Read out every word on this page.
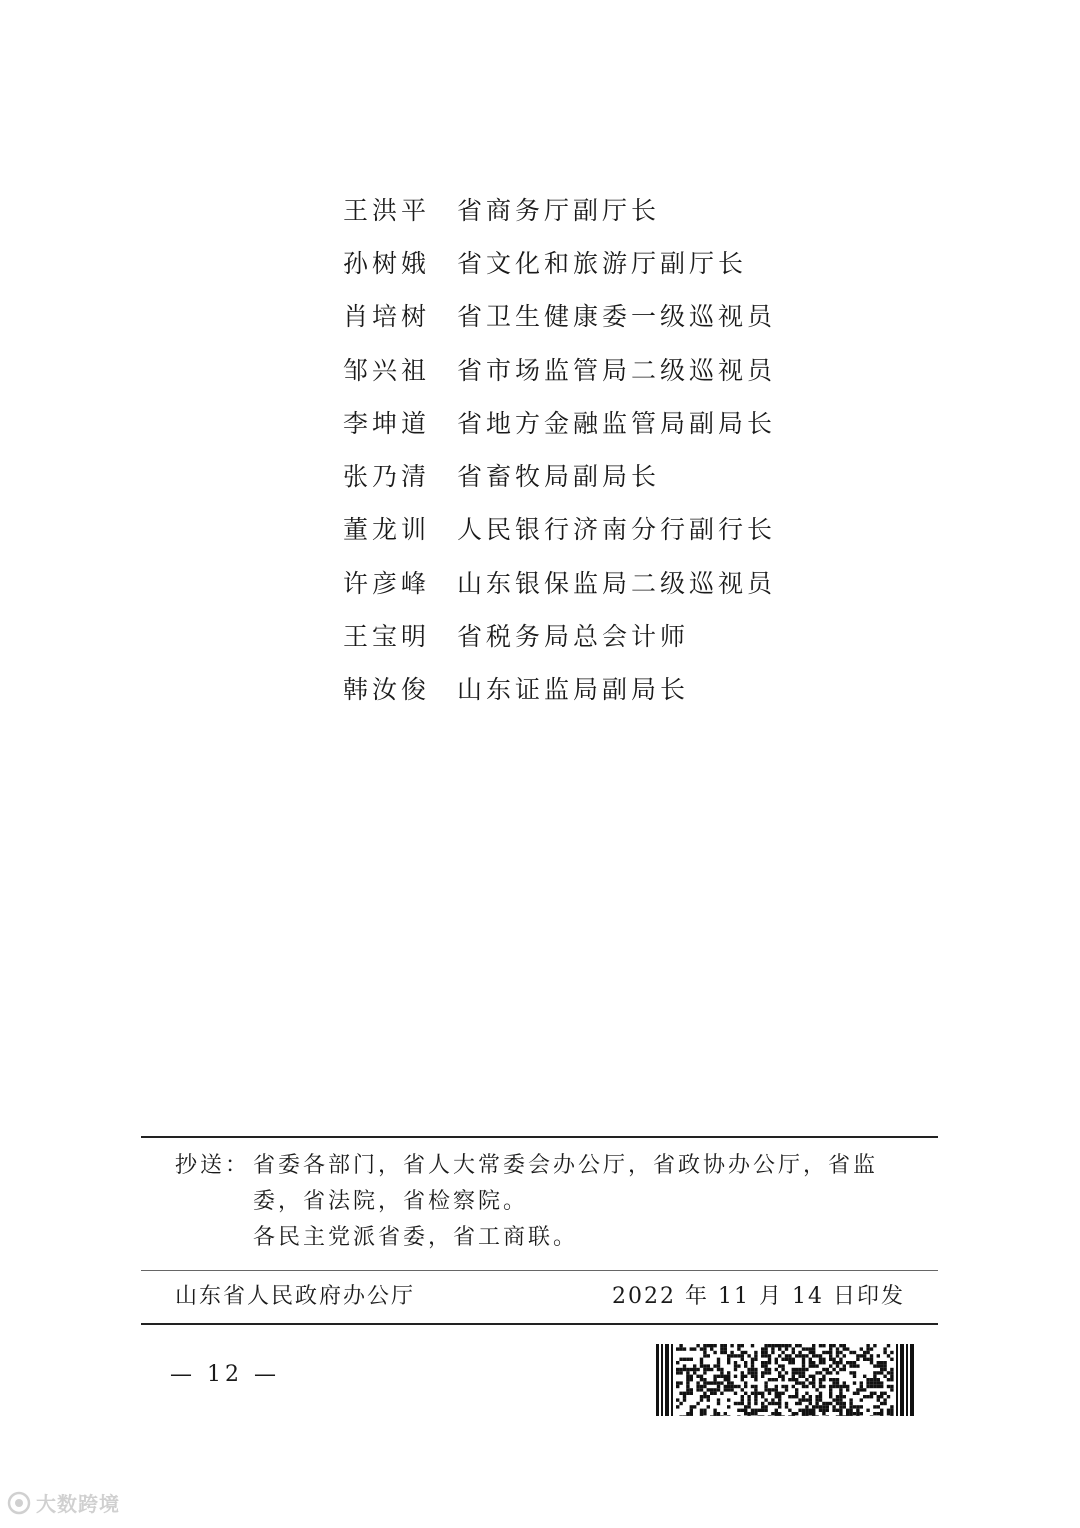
王洪平	省商务厅副厅长
孙树娥	省文化和旅游厅副厅长
肖培树	省卫生健康委一级巡视员
邹兴祖	省市场监管局二级巡视员
李坤道	省地方金融监管局副局长
张乃清	省畜牧局副局长
董龙训	人民银行济南分行副行长
许彦峰	山东银保监局二级巡视员
王宝明	省税务局总会计师
韩汝俊	山东证监局副局长
抄送： 省委各部门，省人大常委会办公厅，省政协办公厅，省监
委，省法院，省检察院。
各民主党派省委，省工商联。
山东省人民政府办公厅	2022 年 11 月 14 日印发
— 12 —
大数跨境
